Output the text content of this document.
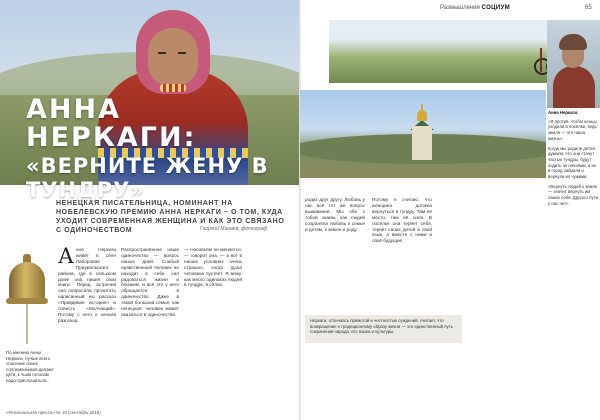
АННА НЕРКАГИ:
«ВЕРНИТЕ ЖЕНУ В ТУНДРУ»
НЕНЕЦКАЯ ПИСАТЕЛЬНИЦА, НОМИНАНТ НА НОБЕЛЕВСКУЮ ПРЕМИЮ АННА НЕРКАГИ – О ТОМ, КУДА УХОДИТ СОВРЕМЕННАЯ ЖЕНЩИНА И КАК ЭТО СВЯЗАНО С ОДИНОЧЕСТВОМ	Георгий Манаев, фотограф
По мнению Анны Неркаги, лучше всего спасение своих соплеменников делают дети, к чьим голосам надо прислушаться...
А нна Неркаги живёт в селе Лаборовая Приуральского района, где в сельском доме она пишет свои книги. Перед встречей она попросила прочитать написанный ею рассказ «Правдивая история» и повесть «Молчащий». Потому с него я начала разговор.

Распространённое наше одиночество — вопрос наших дней. Слабый нравственный человек не находит в себе сил радоваться жизни и близким, и всё это у него обращается в одиночество. Даже в такой большой семье, как ненецкая, человек может оказаться в одиночестве.

— Несовсем не меняется, — говорит она, — а вот в наших условиях очень страшно, когда душа человека пустеет. Я вижу, как много одиноких людей в тундре, в сёлах.

«Региональная пресса» № 15 (сентябрь 2019)
Размышления СОЦИУМ	65
Анна Неркаги.

«Я против, чтобы ненцы уходили в посёлки, ведь земля — это наша жизнь».

Когда мы родили детей, думали, что они станут частью тундры, будут ходить за оленями, а их в город забрали и вернули их чужими.

«Вернуть людей к земле — значит вернуть им самих себя. Другого пути у нас нет».

родах друг другу. Любовь у нас всё тот же вопрос выживания. Мы обе с тобой знаем, как людей сохраняла любовь к семье и детям, к земле и роду.

Потому я считаю, что женщина должна вернуться в тундру. Там её место, там её сила. В посёлке она теряет себя, теряет своих детей и свой язык, а вместе с ними и своё будущее.

Неркаги, отличаясь прямотой и честностью суждений, считает, что возвращение к традиционному образу жизни — это единственный путь сохранения народа, его языка и культуры.
